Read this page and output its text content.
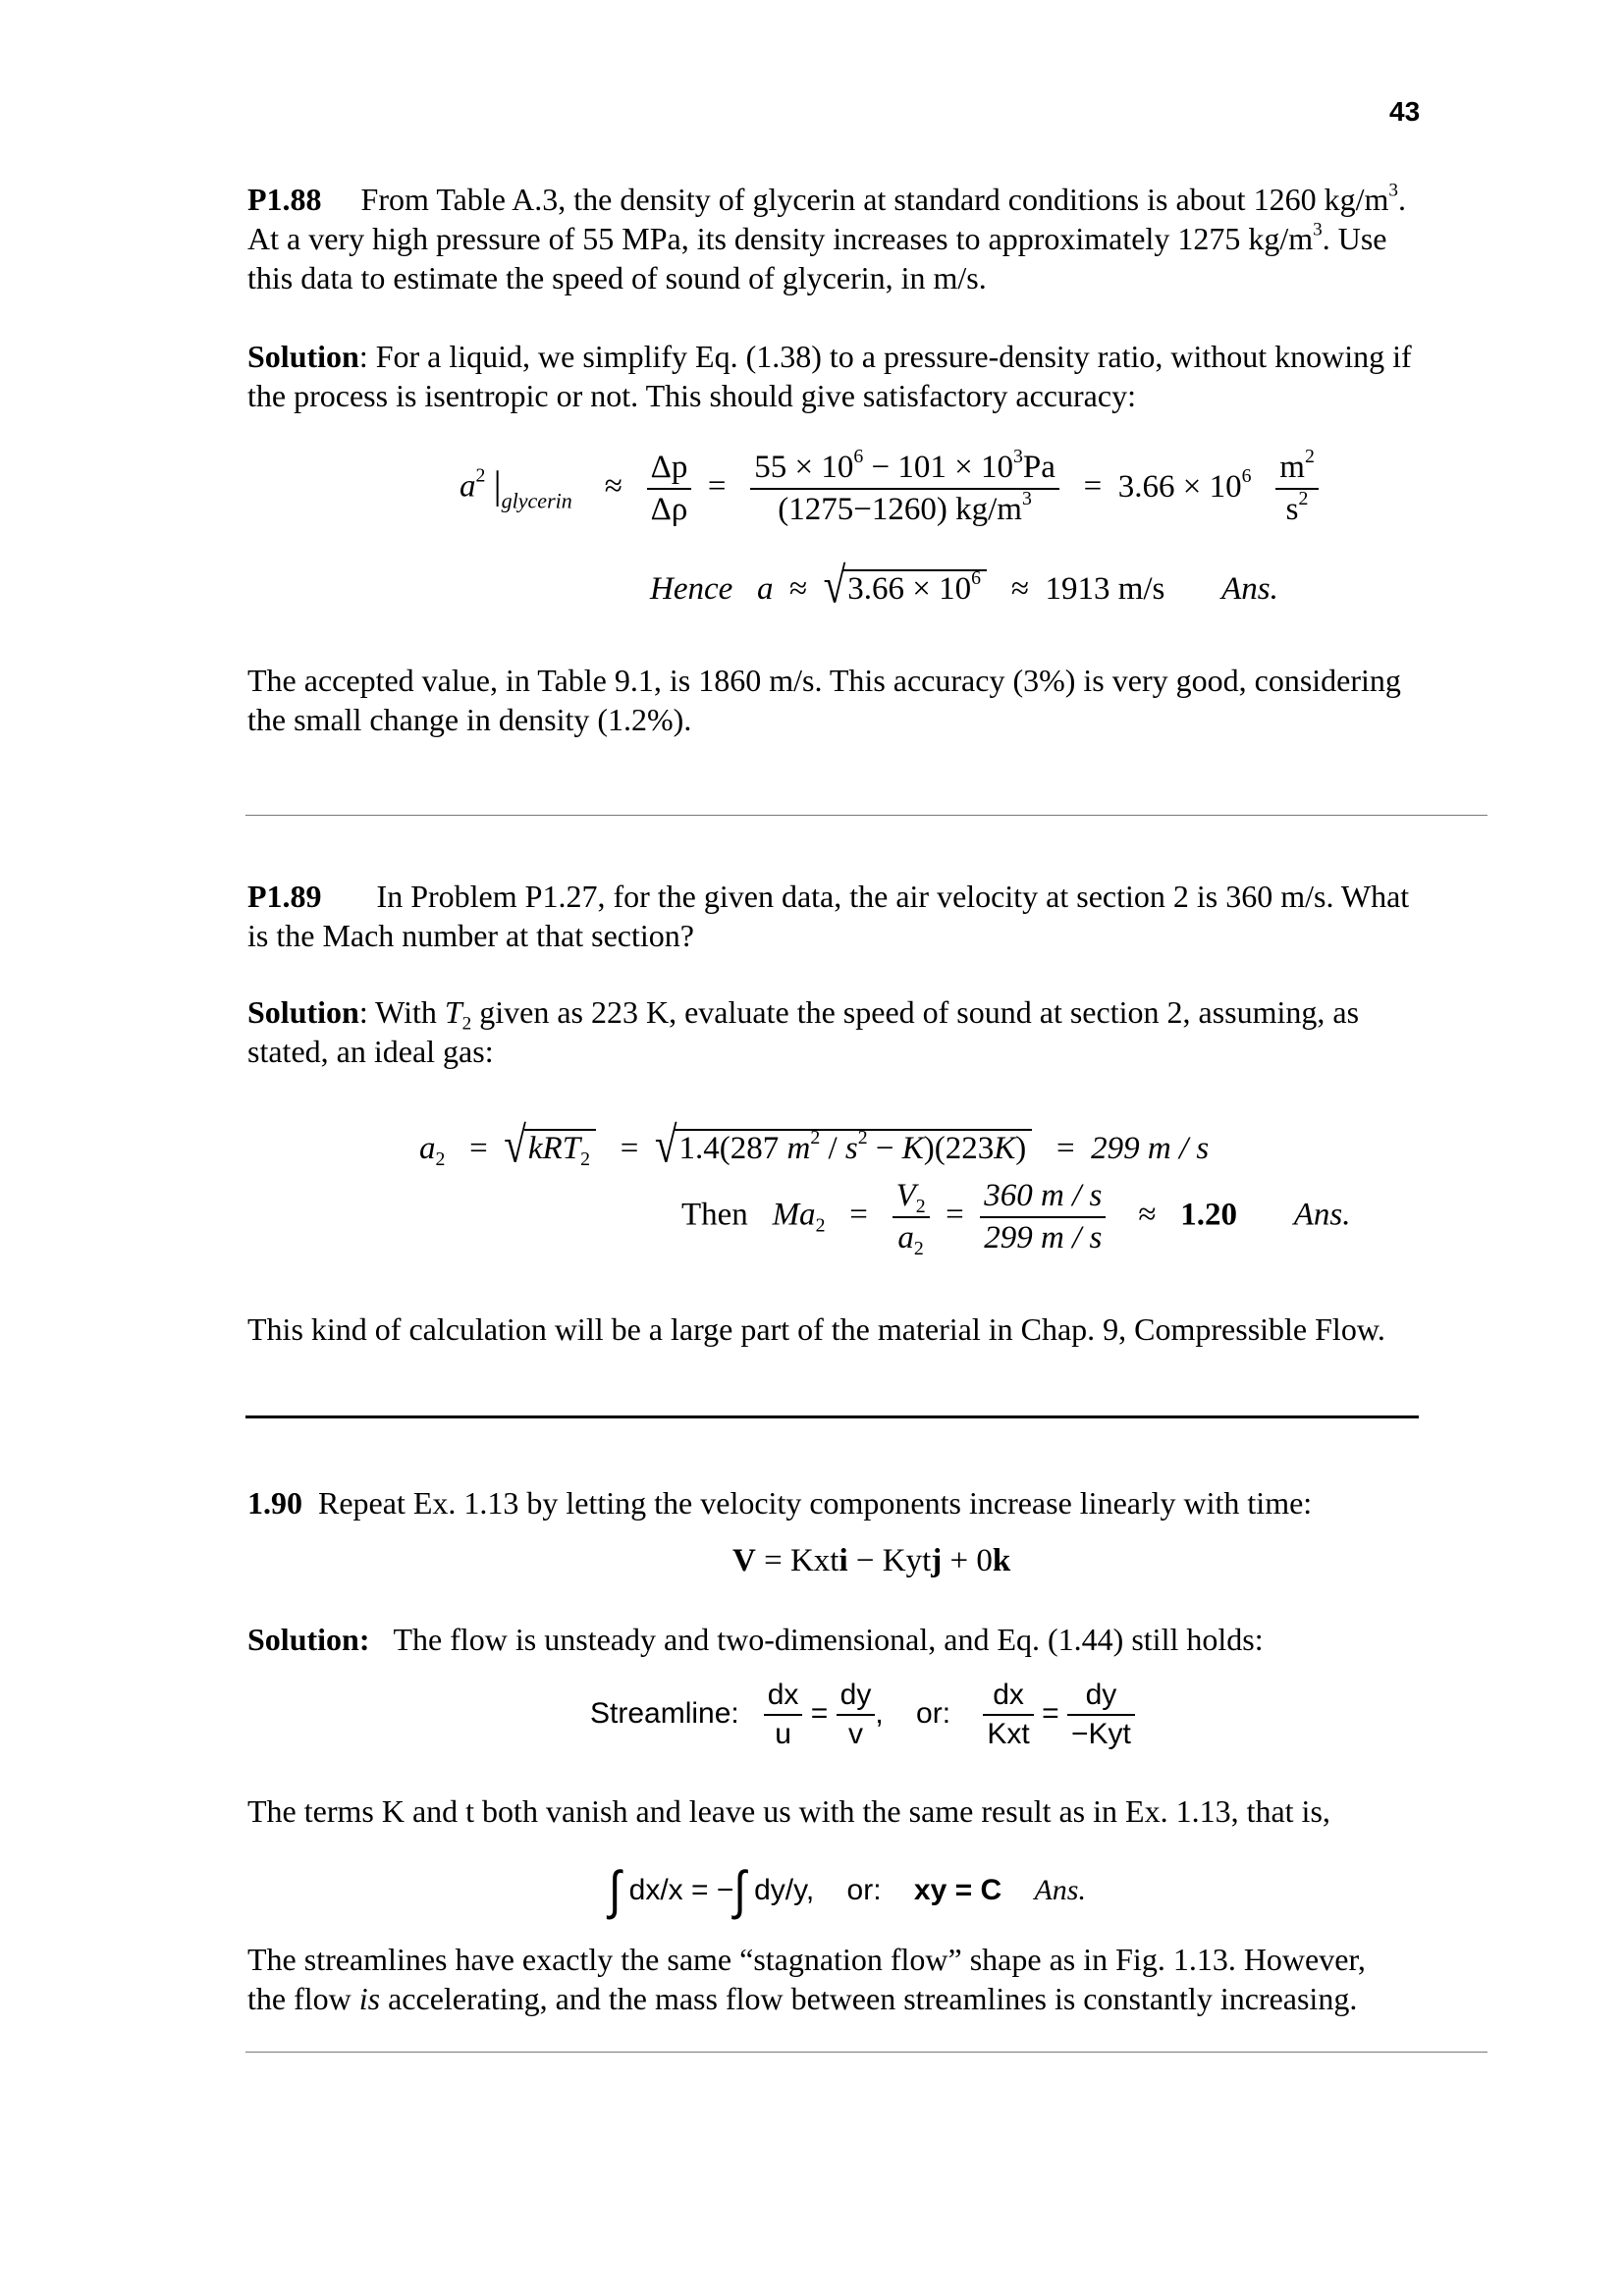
43
P1.88 From Table A.3, the density of glycerin at standard conditions is about 1260 $kg/m^3$.
At a very high pressure of 55 MPa, its density increases to approximately 1275 $kg/m^3$. Use
this data to estimate the speed of sound of glycerin, in m/s.
Solution: For a liquid, we simplify Eq. (1.38) to a pressure-density ratio, without knowing if
the process is isentropic or not. This should give satisfactory accuracy:
$a^2$ $|_{glycerin} \approx \frac{\Delta p}{\Delta\rho} = \frac{55 \times 10^6 - 101 \times 10^3Pa}{(1275-1260) kg/m^3} = 3.66 \times 10^6 \frac{m^2}{s^2}$
Hence $a \approx √3.66 \times 10^6 \approx 1913$ m/s Ans.
The accepted value, in Table 9.1, is 1860 m/s. This accuracy (3%) is very good, considering
the small change in density (1.2%).
P1.89 In Problem P1.27, for the given data, the air velocity at section 2 is 360 m/s. What
is the Mach number at that section?
Solution: With $T_2$ given as 223 K, evaluate the speed of sound at section 2, assuming, as
stated, an ideal gas:
$a_2 = √kRT_2 = √1.4(287$ $m^2 / s^2 - K)(223K) = 299$ m / s
Then $Ma_2 = \frac{V_2}{a_2} = \frac{360 m / s}{299 m / s} \approx 1.20$ Ans.
This kind of calculation will be a large part of the material in Chap. 9, Compressible Flow.
1.90 Repeat Ex. 1.13 by letting the velocity components increase linearly with time:
V = Kxti − Kytj + 0k
Solution: The flow is unsteady and two-dimensional, and Eq. (1.44) still holds:
Streamline: $\frac{dx}{u} = \frac{dy}{v}$ , or: $\frac{dx}{\text{Kxt}} = \frac{dy}{\text{−Kyt}}$
The terms K and t both vanish and leave us with the same result as in Ex. 1.13, that is,
∫ dx/x = −∫ dy/y, or: xy = C Ans.
The streamlines have exactly the same “stagnation flow” shape as in Fig. 1.13. However,
the flow is accelerating, and the mass flow between streamlines is constantly increasing.
